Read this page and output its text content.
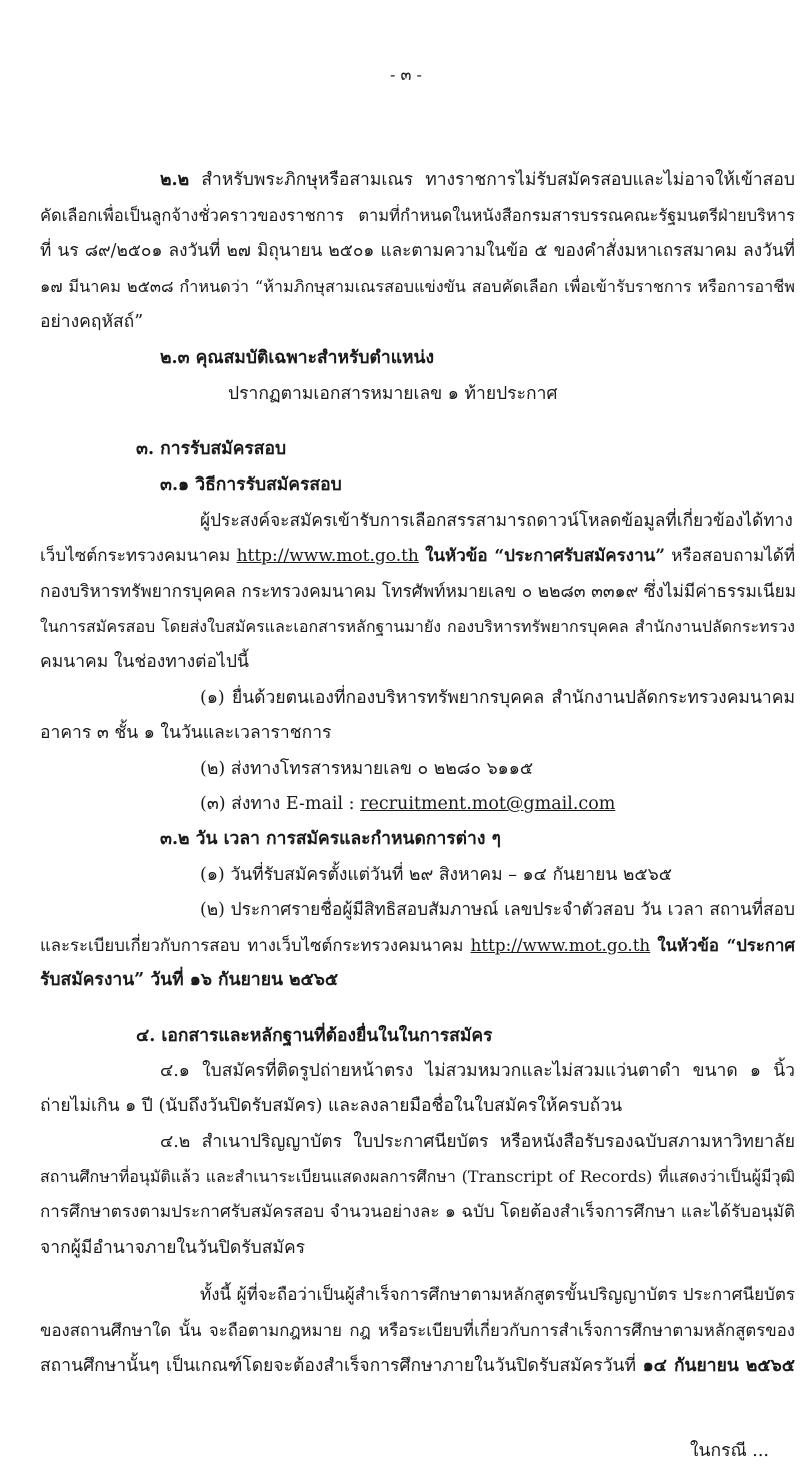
- ๓ -
๒.๒ สำหรับพระภิกษุหรือสามเณร ทางราชการไม่รับสมัครสอบและไม่อาจให้เข้าสอบ
คัดเลือกเพื่อเป็นลูกจ้างชั่วคราวของราชการ ตามที่กำหนดในหนังสือกรมสารบรรณคณะรัฐมนตรีฝ่ายบริหาร
ที่ นร ๘๙/๒๕๐๑ ลงวันที่ ๒๗ มิถุนายน ๒๕๐๑ และตามความในข้อ ๕ ของคำสั่งมหาเถรสมาคม ลงวันที่
๑๗ มีนาคม ๒๕๓๘ กำหนดว่า “ห้ามภิกษุสามเณรสอบแข่งขัน สอบคัดเลือก เพื่อเข้ารับราชการ หรือการอาชีพ
อย่างคฤหัสถ์”
๒.๓ คุณสมบัติเฉพาะสำหรับตำแหน่ง
ปรากฏตามเอกสารหมายเลข ๑ ท้ายประกาศ
๓. การรับสมัครสอบ
๓.๑ วิธีการรับสมัครสอบ
ผู้ประสงค์จะสมัครเข้ารับการเลือกสรรสามารถดาวน์โหลดข้อมูลที่เกี่ยวข้องได้ทาง
เว็บไซต์กระทรวงคมนาคม http://www.mot.go.th ในหัวข้อ “ประกาศรับสมัครงาน” หรือสอบถามได้ที่
กองบริหารทรัพยากรบุคคล กระทรวงคมนาคม โทรศัพท์หมายเลข ๐ ๒๒๘๓ ๓๓๑๙ ซึ่งไม่มีค่าธรรมเนียม
ในการสมัครสอบ โดยส่งใบสมัครและเอกสารหลักฐานมายัง กองบริหารทรัพยากรบุคคล สำนักงานปลัดกระทรวง
คมนาคม ในช่องทางต่อไปนี้
(๑) ยื่นด้วยตนเองที่กองบริหารทรัพยากรบุคคล สำนักงานปลัดกระทรวงคมนาคม
อาคาร ๓ ชั้น ๑ ในวันและเวลาราชการ
(๒) ส่งทางโทรสารหมายเลข ๐ ๒๒๘๐ ๖๑๑๕
(๓) ส่งทาง E-mail : recruitment.mot@gmail.com
๓.๒ วัน เวลา การสมัครและกำหนดการต่าง ๆ
(๑) วันที่รับสมัครตั้งแต่วันที่ ๒๙ สิงหาคม – ๑๔ กันยายน ๒๕๖๕
(๒) ประกาศรายชื่อผู้มีสิทธิสอบสัมภาษณ์ เลขประจำตัวสอบ วัน เวลา สถานที่สอบ
และระเบียบเกี่ยวกับการสอบ ทางเว็บไซต์กระทรวงคมนาคม http://www.mot.go.th ในหัวข้อ “ประกาศ
รับสมัครงาน” วันที่ ๑๖ กันยายน ๒๕๖๕
๔. เอกสารและหลักฐานที่ต้องยื่นในในการสมัคร
๔.๑ ใบสมัครที่ติดรูปถ่ายหน้าตรง ไม่สวมหมวกและไม่สวมแว่นตาดำ ขนาด ๑ นิ้ว
ถ่ายไม่เกิน ๑ ปี (นับถึงวันปิดรับสมัคร) และลงลายมือชื่อในใบสมัครให้ครบถ้วน
๔.๒ สำเนาปริญญาบัตร ใบประกาศนียบัตร หรือหนังสือรับรองฉบับสภามหาวิทยาลัย
สถานศึกษาที่อนุมัติแล้ว และสำเนาระเบียนแสดงผลการศึกษา (Transcript of Records) ที่แสดงว่าเป็นผู้มีวุฒิ
การศึกษาตรงตามประกาศรับสมัครสอบ จำนวนอย่างละ ๑ ฉบับ โดยต้องสำเร็จการศึกษา และได้รับอนุมัติ
จากผู้มีอำนาจภายในวันปิดรับสมัคร
ทั้งนี้ ผู้ที่จะถือว่าเป็นผู้สำเร็จการศึกษาตามหลักสูตรขั้นปริญญาบัตร ประกาศนียบัตร
ของสถานศึกษาใด นั้น จะถือตามกฎหมาย กฎ หรือระเบียบที่เกี่ยวกับการสำเร็จการศึกษาตามหลักสูตรของ
สถานศึกษานั้นๆ เป็นเกณฑ์โดยจะต้องสำเร็จการศึกษาภายในวันปิดรับสมัครวันที่ ๑๔ กันยายน ๒๕๖๕
ในกรณี ...
